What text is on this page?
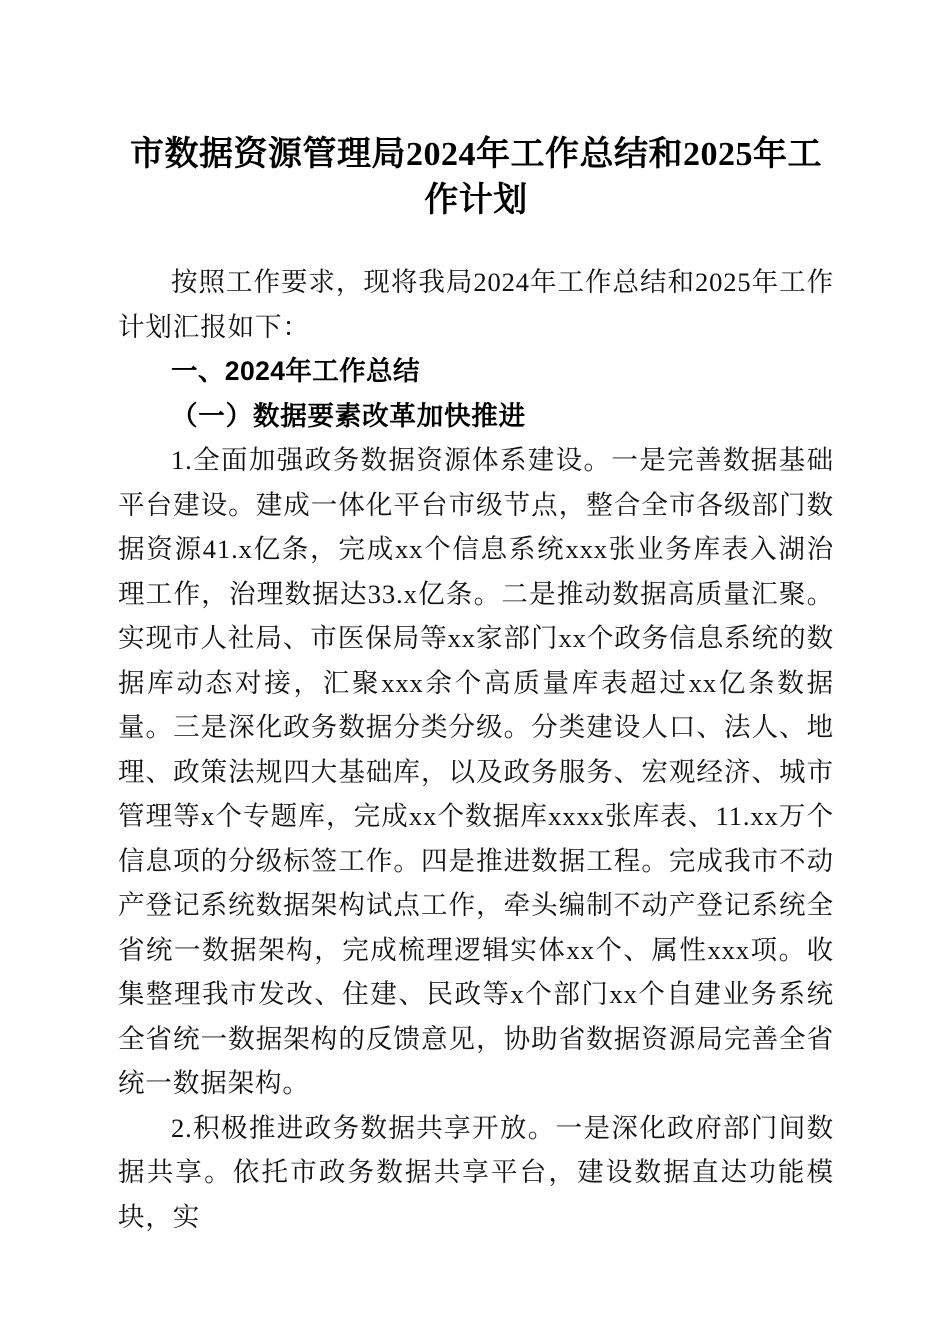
市数据资源管理局2024年工作总结和2025年工作计划

按照工作要求，现将我局2024年工作总结和2025年工作计划汇报如下：

一、2024年工作总结
（一）数据要素改革加快推进

1.全面加强政务数据资源体系建设。一是完善数据基础平台建设。建成一体化平台市级节点，整合全市各级部门数据资源41.x亿条，完成xx个信息系统xxx张业务库表入湖治理工作，治理数据达33.x亿条。二是推动数据高质量汇聚。实现市人社局、市医保局等xx家部门xx个政务信息系统的数据库动态对接，汇聚xxx余个高质量库表超过xx亿条数据量。三是深化政务数据分类分级。分类建设人口、法人、地理、政策法规四大基础库，以及政务服务、宏观经济、城市管理等x个专题库，完成xx个数据库xxxx张库表、11.xx万个信息项的分级标签工作。四是推进数据工程。完成我市不动产登记系统数据架构试点工作，牵头编制不动产登记系统全省统一数据架构，完成梳理逻辑实体xx个、属性xxx项。收集整理我市发改、住建、民政等x个部门xx个自建业务系统全省统一数据架构的反馈意见，协助省数据资源局完善全省统一数据架构。

2.积极推进政务数据共享开放。一是深化政府部门间数据共享。依托市政务数据共享平台，建设数据直达功能模块，实
